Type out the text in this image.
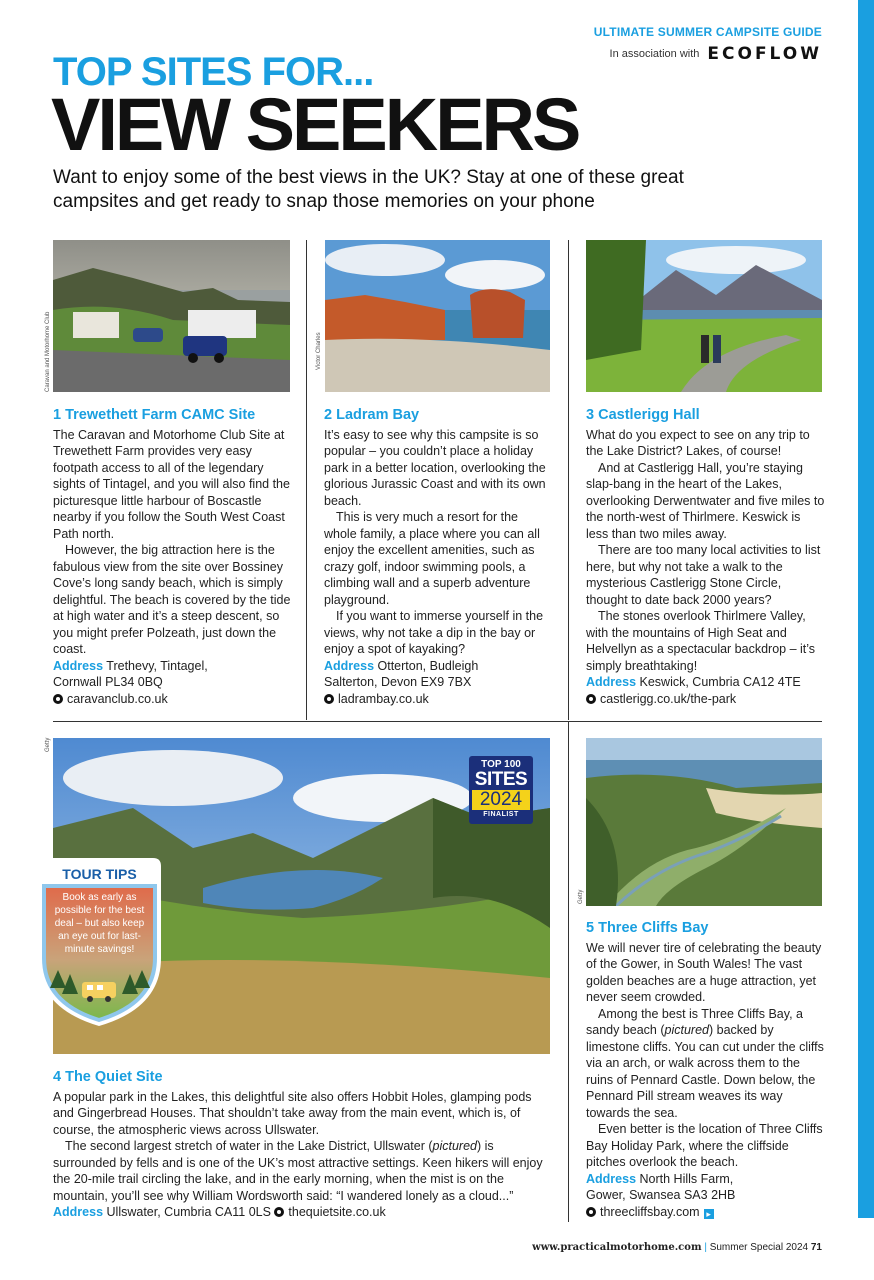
ULTIMATE SUMMER CAMPSITE GUIDE
In association with ECOFLOW
TOP SITES FOR...
VIEW SEEKERS
Want to enjoy some of the best views in the UK? Stay at one of these great campsites and get ready to snap those memories on your phone
Caravan and Motorhome Club	Victor Charles
Getty
TOP 100
SITES
2024
FINALIST
TOUR TIPS
Book as early as possible for the best deal – but also keep an eye out for last-minute savings!
Getty
1 Trewethett Farm CAMC Site

The Caravan and Motorhome Club Site at Trewethett Farm provides very easy footpath access to all of the legendary sights of Tintagel, and you will also find the picturesque little harbour of Boscastle nearby if you follow the South West Coast Path north.

However, the big attraction here is the fabulous view from the site over Bossiney Cove’s long sandy beach, which is simply delightful. The beach is covered by the tide at high water and it’s a steep descent, so you might prefer Polzeath, just down the coast.

Address Trethevy, Tintagel, Cornwall PL34 0BQ
caravanclub.co.uk
2 Ladram Bay

It’s easy to see why this campsite is so popular – you couldn’t place a holiday park in a better location, overlooking the glorious Jurassic Coast and with its own beach.

This is very much a resort for the whole family, a place where you can all enjoy the excellent amenities, such as crazy golf, indoor swimming pools, a climbing wall and a superb adventure playground.

If you want to immerse yourself in the views, why not take a dip in the bay or enjoy a spot of kayaking?

Address Otterton, Budleigh Salterton, Devon EX9 7BX
ladrambay.co.uk
3 Castlerigg Hall

What do you expect to see on any trip to the Lake District? Lakes, of course!

And at Castlerigg Hall, you’re staying slap-bang in the heart of the Lakes, overlooking Derwentwater and five miles to the north-west of Thirlmere. Keswick is less than two miles away.

There are too many local activities to list here, but why not take a walk to the mysterious Castlerigg Stone Circle, thought to date back 2000 years?

The stones overlook Thirlmere Valley, with the mountains of High Seat and Helvellyn as a spectacular backdrop – it’s simply breathtaking!

Address Keswick, Cumbria CA12 4TE
castlerigg.co.uk/the-park
4 The Quiet Site

A popular park in the Lakes, this delightful site also offers Hobbit Holes, glamping pods and Gingerbread Houses. That shouldn’t take away from the main event, which is, of course, the atmospheric views across Ullswater.

The second largest stretch of water in the Lake District, Ullswater (pictured) is surrounded by fells and is one of the UK’s most attractive settings. Keen hikers will enjoy the 20-mile trail circling the lake, and in the early morning, when the mist is on the mountain, you’ll see why William Wordsworth said: “I wandered lonely as a cloud...”

Address Ullswater, Cumbria CA11 0LS thequietsite.co.uk
5 Three Cliffs Bay

We will never tire of celebrating the beauty of the Gower, in South Wales! The vast golden beaches are a huge attraction, yet never seem crowded.

Among the best is Three Cliffs Bay, a sandy beach (pictured) backed by limestone cliffs. You can cut under the cliffs via an arch, or walk across them to the ruins of Pennard Castle. Down below, the Pennard Pill stream weaves its way towards the sea.

Even better is the location of Three Cliffs Bay Holiday Park, where the cliffside pitches overlook the beach.

Address North Hills Farm, Gower, Swansea SA3 2HB
threecliffsbay.com ▸
www.practicalmotorhome.com | Summer Special 2024 71
